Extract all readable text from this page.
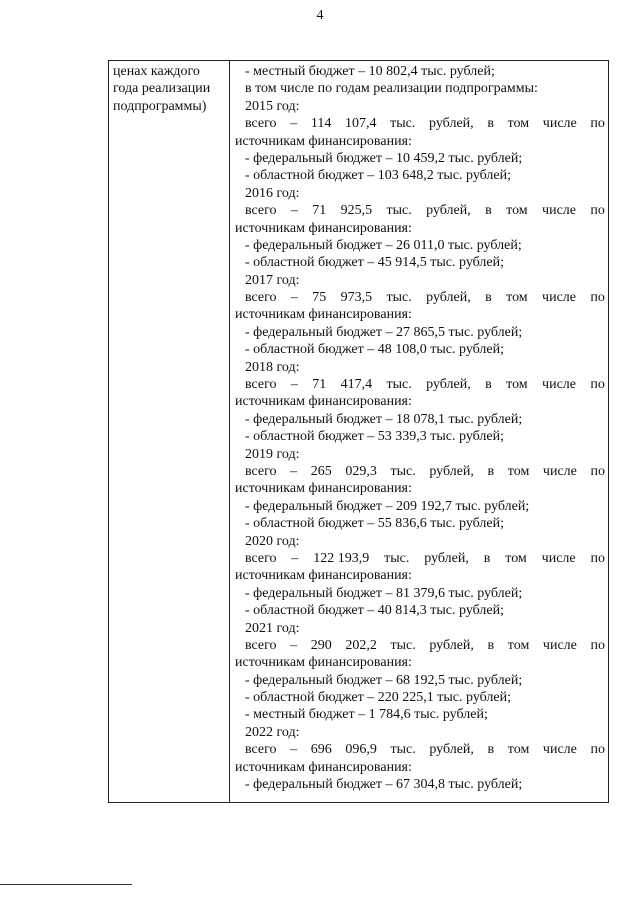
4
ценах каждого
года реализации
подпрограммы)
- местный бюджет – 10 802,4 тыс. рублей;
в том числе по годам реализации подпрограммы:
2015 год:
всего – 114 107,4 тыс. рублей, в том числе по
источникам финансирования:
- федеральный бюджет – 10 459,2 тыс. рублей;
- областной бюджет – 103 648,2 тыс. рублей;
2016 год:
всего – 71 925,5 тыс. рублей, в том числе по
источникам финансирования:
- федеральный бюджет – 26 011,0 тыс. рублей;
- областной бюджет – 45 914,5 тыс. рублей;
2017 год:
всего – 75 973,5 тыс. рублей, в том числе по
источникам финансирования:
- федеральный бюджет – 27 865,5 тыс. рублей;
- областной бюджет – 48 108,0 тыс. рублей;
2018 год:
всего – 71 417,4 тыс. рублей, в том числе по
источникам финансирования:
- федеральный бюджет – 18 078,1 тыс. рублей;
- областной бюджет – 53 339,3 тыс. рублей;
2019 год:
всего – 265 029,3 тыс. рублей, в том числе по
источникам финансирования:
- федеральный бюджет – 209 192,7 тыс. рублей;
- областной бюджет – 55 836,6 тыс. рублей;
2020 год:
всего – 122 193,9 тыс. рублей, в том числе по
источникам финансирования:
- федеральный бюджет – 81 379,6 тыс. рублей;
- областной бюджет – 40 814,3 тыс. рублей;
2021 год:
всего – 290 202,2 тыс. рублей, в том числе по
источникам финансирования:
- федеральный бюджет – 68 192,5 тыс. рублей;
- областной бюджет – 220 225,1 тыс. рублей;
- местный бюджет – 1 784,6 тыс. рублей;
2022 год:
всего – 696 096,9 тыс. рублей, в том числе по
источникам финансирования:
- федеральный бюджет – 67 304,8 тыс. рублей;
